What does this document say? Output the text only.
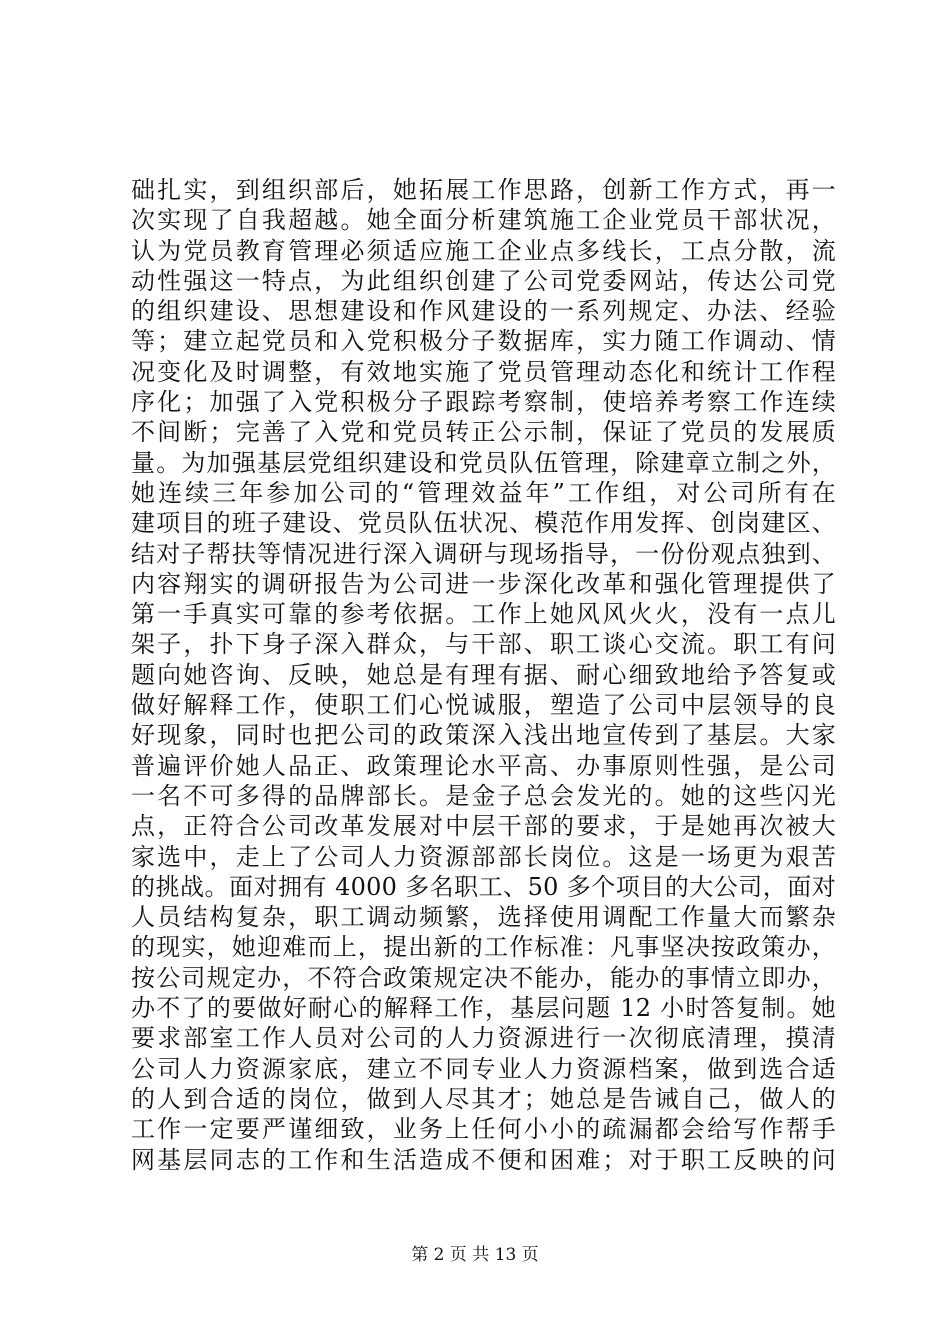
础扎实，到组织部后，她拓展工作思路，创新工作方式，再一
次实现了自我超越。她全面分析建筑施工企业党员干部状况，
认为党员教育管理必须适应施工企业点多线长，工点分散，流
动性强这一特点，为此组织创建了公司党委网站，传达公司党
的组织建设、思想建设和作风建设的一系列规定、办法、经验
等；建立起党员和入党积极分子数据库，实力随工作调动、情
况变化及时调整，有效地实施了党员管理动态化和统计工作程
序化；加强了入党积极分子跟踪考察制，使培养考察工作连续
不间断；完善了入党和党员转正公示制，保证了党员的发展质
量。为加强基层党组织建设和党员队伍管理，除建章立制之外，
她连续三年参加公司的“管理效益年”工作组，对公司所有在
建项目的班子建设、党员队伍状况、模范作用发挥、创岗建区、
结对子帮扶等情况进行深入调研与现场指导，一份份观点独到、
内容翔实的调研报告为公司进一步深化改革和强化管理提供了
第一手真实可靠的参考依据。工作上她风风火火，没有一点儿
架子，扑下身子深入群众，与干部、职工谈心交流。职工有问
题向她咨询、反映，她总是有理有据、耐心细致地给予答复或
做好解释工作，使职工们心悦诚服，塑造了公司中层领导的良
好现象，同时也把公司的政策深入浅出地宣传到了基层。大家
普遍评价她人品正、政策理论水平高、办事原则性强，是公司
一名不可多得的品牌部长。是金子总会发光的。她的这些闪光
点，正符合公司改革发展对中层干部的要求，于是她再次被大
家选中，走上了公司人力资源部部长岗位。这是一场更为艰苦
的挑战。面对拥有 4000 多名职工、50 多个项目的大公司，面对
人员结构复杂，职工调动频繁，选择使用调配工作量大而繁杂
的现实，她迎难而上，提出新的工作标准：凡事坚决按政策办，
按公司规定办，不符合政策规定决不能办，能办的事情立即办，
办不了的要做好耐心的解释工作，基层问题 12 小时答复制。她
要求部室工作人员对公司的人力资源进行一次彻底清理，摸清
公司人力资源家底，建立不同专业人力资源档案，做到选合适
的人到合适的岗位，做到人尽其才；她总是告诫自己，做人的
工作一定要严谨细致，业务上任何小小的疏漏都会给写作帮手
网基层同志的工作和生活造成不便和困难；对于职工反映的问
第 2 页 共 13 页
